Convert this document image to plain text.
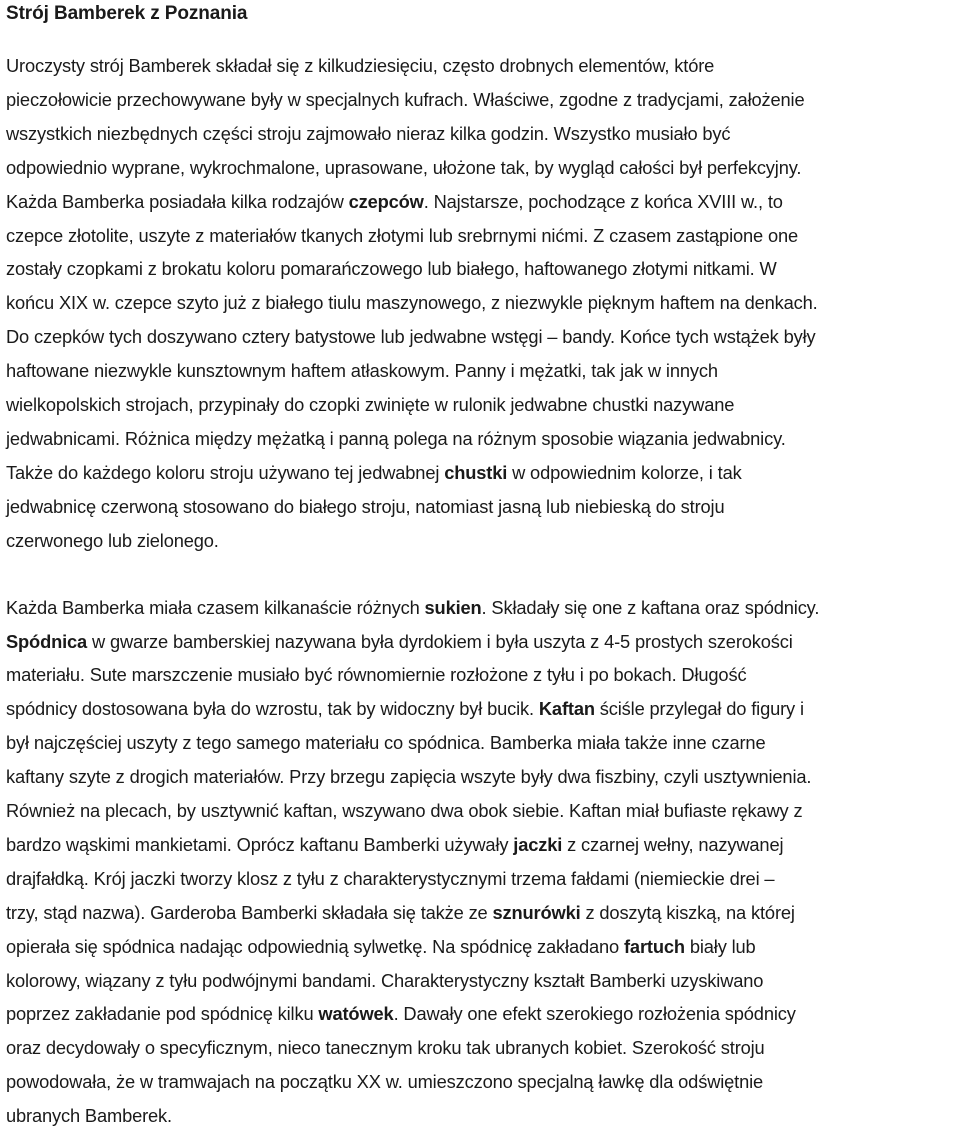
Strój Bamberek z Poznania

Uroczysty strój Bamberek składał się z kilkudziesięciu, często drobnych elementów, które
pieczołowicie przechowywane były w specjalnych kufrach. Właściwe, zgodne z tradycjami, założenie
wszystkich niezbędnych części stroju zajmowało nieraz kilka godzin. Wszystko musiało być
odpowiednio wyprane, wykrochmalone, uprasowane, ułożone tak, by wygląd całości był perfekcyjny.
Każda Bamberka posiadała kilka rodzajów czepców. Najstarsze, pochodzące z końca XVIII w., to
czepce złotolite, uszyte z materiałów tkanych złotymi lub srebrnymi nićmi. Z czasem zastąpione one
zostały czopkami z brokatu koloru pomarańczowego lub białego, haftowanego złotymi nitkami. W
końcu XIX w. czepce szyto już z białego tiulu maszynowego, z niezwykle pięknym haftem na denkach.
Do czepków tych doszywano cztery batystowe lub jedwabne wstęgi – bandy. Końce tych wstążek były
haftowane niezwykle kunsztownym haftem atłaskowym. Panny i mężatki, tak jak w innych
wielkopolskich strojach, przypinały do czopki zwinięte w rulonik jedwabne chustki nazywane
jedwabnicami. Różnica między mężatką i panną polega na różnym sposobie wiązania jedwabnicy.
Także do każdego koloru stroju używano tej jedwabnej chustki w odpowiednim kolorze, i tak
jedwabnicę czerwoną stosowano do białego stroju, natomiast jasną lub niebieską do stroju
czerwonego lub zielonego.

Każda Bamberka miała czasem kilkanaście różnych sukien. Składały się one z kaftana oraz spódnicy.
Spódnica w gwarze bamberskiej nazywana była dyrdokiem i była uszyta z 4-5 prostych szerokości
materiału. Sute marszczenie musiało być równomiernie rozłożone z tyłu i po bokach. Długość
spódnicy dostosowana była do wzrostu, tak by widoczny był bucik. Kaftan ściśle przylegał do figury i
był najczęściej uszyty z tego samego materiału co spódnica. Bamberka miała także inne czarne
kaftany szyte z drogich materiałów. Przy brzegu zapięcia wszyte były dwa fiszbiny, czyli usztywnienia.
Również na plecach, by usztywnić kaftan, wszywano dwa obok siebie. Kaftan miał bufiaste rękawy z
bardzo wąskimi mankietami. Oprócz kaftanu Bamberki używały jaczki z czarnej wełny, nazywanej
drajfałdką. Krój jaczki tworzy klosz z tyłu z charakterystycznymi trzema fałdami (niemieckie drei –
trzy, stąd nazwa). Garderoba Bamberki składała się także ze sznurówki z doszytą kiszką, na której
opierała się spódnica nadając odpowiednią sylwetkę. Na spódnicę zakładano fartuch biały lub
kolorowy, wiązany z tyłu podwójnymi bandami. Charakterystyczny kształt Bamberki uzyskiwano
poprzez zakładanie pod spódnicę kilku watówek. Dawały one efekt szerokiego rozłożenia spódnicy
oraz decydowały o specyficznym, nieco tanecznym kroku tak ubranych kobiet. Szerokość stroju
powodowała, że w tramwajach na początku XX w. umieszczono specjalną ławkę dla odświętnie
ubranych Bamberek.
